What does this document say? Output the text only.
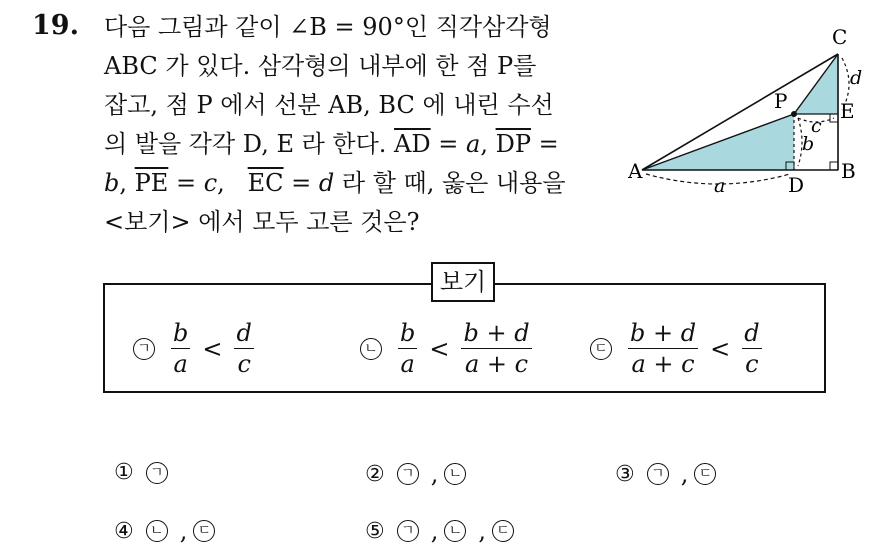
19. 다음 그림과 같이 ∠B = 90°인 직각삼각형
ABC 가 있다. 삼각형의 내부에 한 점 P를
잡고, 점 P 에서 선분 AB, BC 에 내린 수선
의 발을 각각 D, E 라 한다. $\overline{AD} = a$, $\overline{DP}$ =
b, $\overline{PE} = c$,   $\overline{EC} = d$ 라 할 때, 옳은 내용을
<보기> 에서 모두 고른 것은?
A	B
C
P
D
E
a
b
c
d
보기
ㄱ $\frac{b}{a} < \frac{d}{c}$	ㄴ $\frac{b}{a} < \frac{b + d}{a + c}$	ㄷ $\frac{b + d}{a + c} < \frac{d}{c}$
①	ㄱ	②	ㄱ , ㄴ	③	ㄱ , ㄷ
④	ㄴ , ㄷ	⑤	ㄱ , ㄴ , ㄷ
